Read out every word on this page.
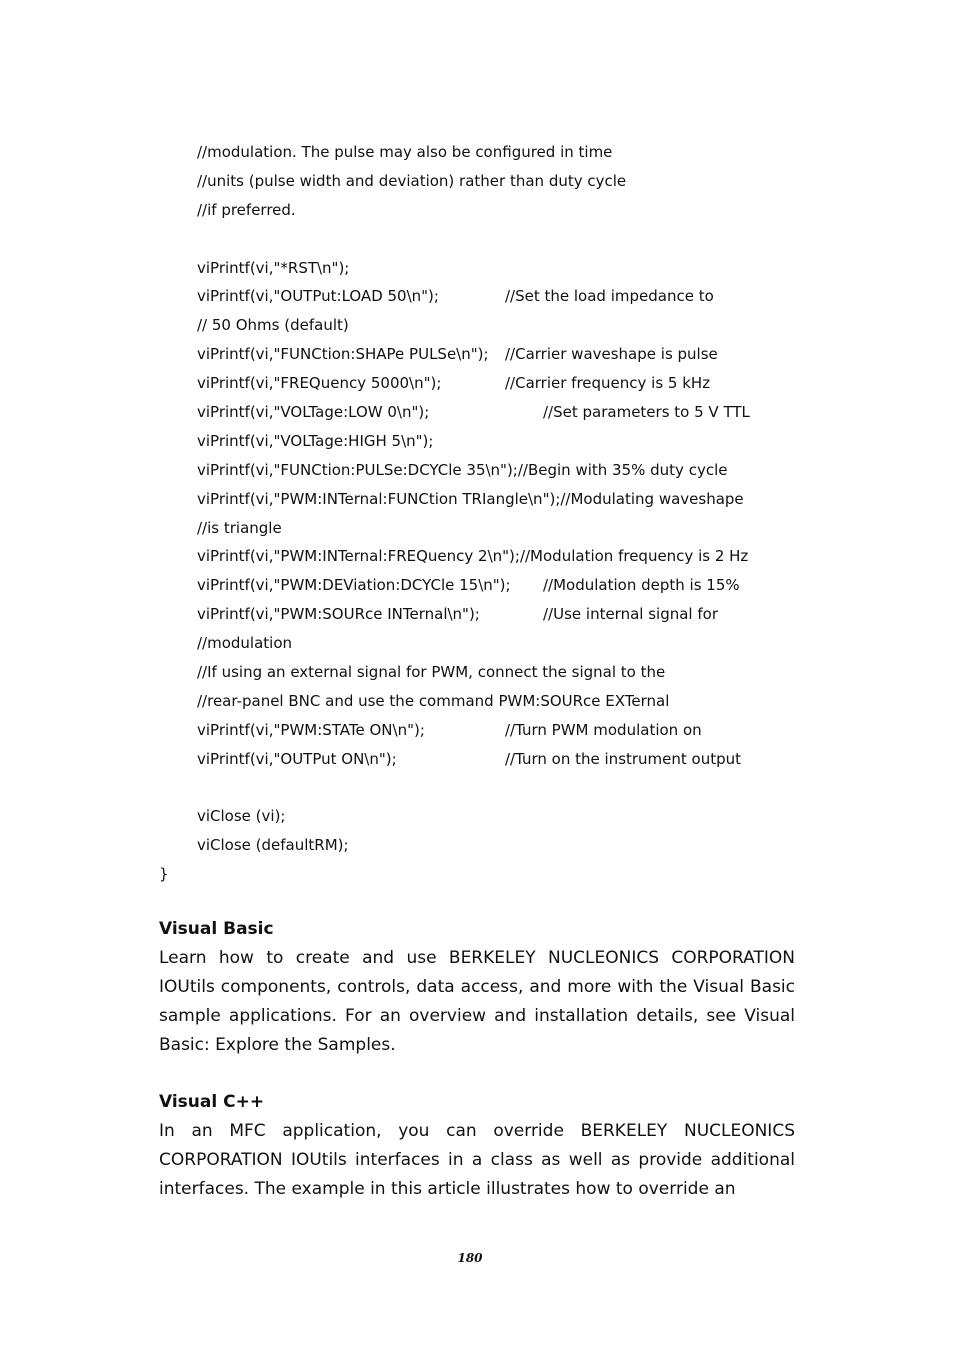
//modulation. The pulse may also be configured in time

//units (pulse width and deviation) rather than duty cycle

//if preferred.

viPrintf(vi,"*RST\n");

viPrintf(vi,"OUTPut:LOAD 50\n");

	//Set the load impedance to

// 50 Ohms (default)

viPrintf(vi,"FUNCtion:SHAPe PULSe\n");

//Carrier waveshape is pulse

viPrintf(vi,"FREQuency 5000\n");

	//Carrier frequency is 5 kHz

viPrintf(vi,"VOLTage:LOW 0\n");

	//Set parameters to 5 V TTL

viPrintf(vi,"VOLTage:HIGH 5\n");

viPrintf(vi,"FUNCtion:PULSe:DCYCle 35\n");//Begin with 35% duty cycle

viPrintf(vi,"PWM:INTernal:FUNCtion TRIangle\n");//Modulating waveshape

//is triangle

viPrintf(vi,"PWM:INTernal:FREQuency 2\n");//Modulation frequency is 2 Hz

viPrintf(vi,"PWM:DEViation:DCYCle 15\n");

//Modulation depth is 15%

viPrintf(vi,"PWM:SOURce INTernal\n");

	//Use internal signal for

//modulation

//If using an external signal for PWM, connect the signal to the

//rear-panel BNC and use the command PWM:SOURce EXTernal

viPrintf(vi,"PWM:STATe ON\n");

	//Turn PWM modulation on

viPrintf(vi,"OUTPut ON\n");

	//Turn on the instrument output

viClose (vi);

viClose (defaultRM);

}

Visual Basic
Learn how to create and use BERKELEY NUCLEONICS CORPORATION IOUtils components, controls, data access, and more with the Visual Basic sample applications. For an overview and installation details, see Visual Basic: Explore the Samples.
Visual C++
In an MFC application, you can override BERKELEY NUCLEONICS CORPORATION IOUtils interfaces in a class as well as provide additional interfaces. The example in this article illustrates how to override an
180
